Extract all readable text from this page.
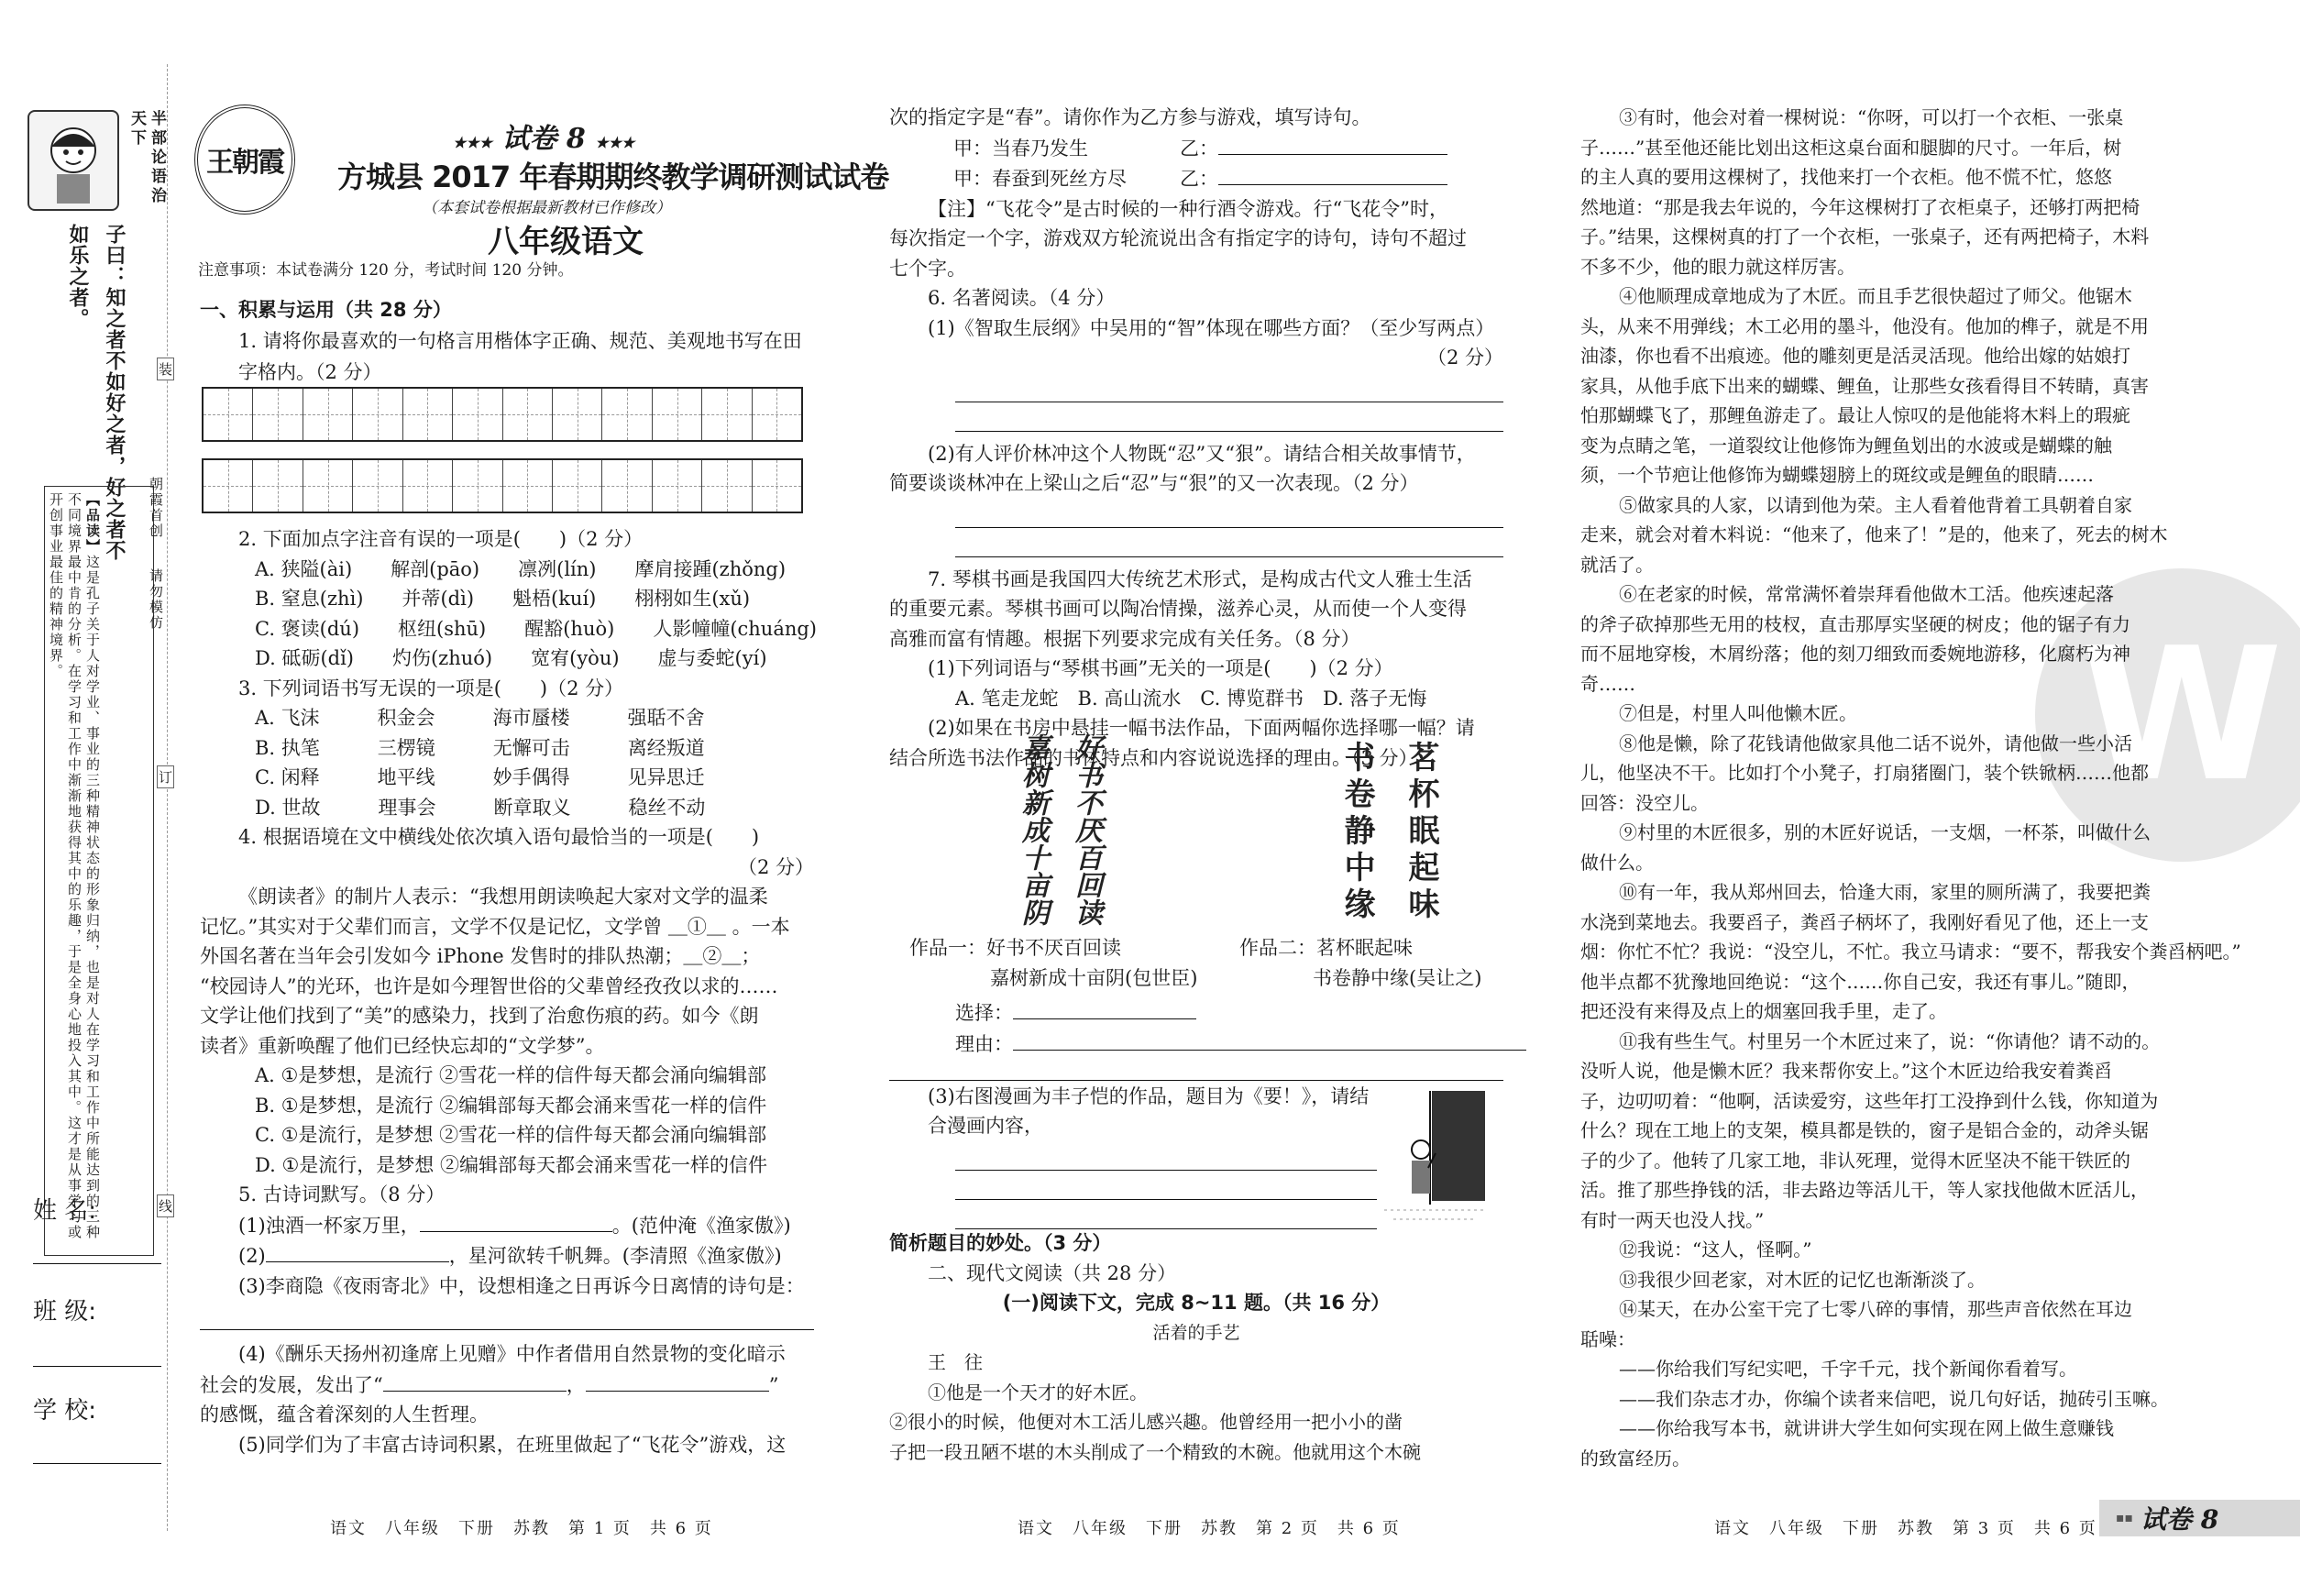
半部论语治天下
子曰：知之者不如好之者，好之者不如乐之者。
【品读】这是孔子关于人对学业、事业的三种精神状态的形象归纳，也是对人在学习和工作中所能达到的三种不同境界最中肯的分析。在学习和工作中渐渐地获得其中的乐趣，于是全身心地投入其中。这才是从事学习或开创事业最佳的精神境界。
姓 名:
班 级:
学 校:
朝霞首创
请勿模仿
装
订
线
王朝霞
★★★ 试卷 8 ★★★
方城县 2017 年春期期终教学调研测试试卷
（本套试卷根据最新教材已作修改）
八年级语文
注意事项：本试卷满分 120 分，考试时间 120 分钟。
一、积累与运用（共 28 分）
1. 请将你最喜欢的一句格言用楷体字正确、规范、美观地书写在田字格内。（2 分）
2. 下面加点字注音有误的一项是(　　)（2 分）
A. 狭隘(ài)　　解剖(pāo)　　凛冽(lín)　　摩肩接踵(zhǒng)
B. 窒息(zhì)　　并蒂(dì)　　魁梧(kuí)　　栩栩如生(xǔ)
C. 褒读(dú)　　枢纽(shū)　　醒豁(huò)　　人影幢幢(chuáng)
D. 砥砺(dǐ)　　灼伤(zhuó)　　宽宥(yòu)　　虚与委蛇(yí)
3. 下列词语书写无误的一项是(　　)（2 分）
A. 飞沫　　　积金会　　　海市蜃楼　　　强聒不舍
B. 执笔　　　三楞镜　　　无懈可击　　　离经叛道
C. 闲释　　　地平线　　　妙手偶得　　　见异思迁
D. 世故　　　理事会　　　断章取义　　　稳丝不动
4. 根据语境在文中横线处依次填入语句最恰当的一项是(　　)
（2 分）
《朗读者》的制片人表示：“我想用朗读唤起大家对文学的温柔
记忆。”其实对于父辈们而言，文学不仅是记忆，文学曾 ＿①＿ 。一本
外国名著在当年会引发如今 iPhone 发售时的排队热潮；＿②＿；
“校园诗人”的光环，也许是如今理智世俗的父辈曾经孜孜以求的……
文学让他们找到了“美”的感染力，找到了治愈伤痕的药。如今《朗
读者》重新唤醒了他们已经快忘却的“文学梦”。
A. ①是梦想，是流行 ②雪花一样的信件每天都会涌向编辑部
B. ①是梦想，是流行 ②编辑部每天都会涌来雪花一样的信件
C. ①是流行，是梦想 ②雪花一样的信件每天都会涌向编辑部
D. ①是流行，是梦想 ②编辑部每天都会涌来雪花一样的信件
5. 古诗词默写。（8 分）
(1)浊酒一杯家万里，	。(范仲淹《渔家傲》)
(2)	，星河欲转千帆舞。(李清照《渔家傲》)
(3)李商隐《夜雨寄北》中，设想相逢之日再诉今日离情的诗句是：
(4)《酬乐天扬州初逢席上见赠》中作者借用自然景物的变化暗示
社会的发展，发出了“	，	”
的感慨，蕴含着深刻的人生哲理。
(5)同学们为了丰富古诗词积累，在班里做起了“飞花令”游戏，这
次的指定字是“春”。请你作为乙方参与游戏，填写诗句。
甲：当春乃发生	乙：
甲：春蚕到死丝方尽	乙：
【注】“飞花令”是古时候的一种行酒令游戏。行“飞花令”时，
每次指定一个字，游戏双方轮流说出含有指定字的诗句，诗句不超过
七个字。
6. 名著阅读。（4 分）
(1)《智取生辰纲》中吴用的“智”体现在哪些方面？（至少写两点）
（2 分）
(2)有人评价林冲这个人物既“忍”又“狠”。请结合相关故事情节，
简要谈谈林冲在上梁山之后“忍”与“狠”的又一次表现。（2 分）
7. 琴棋书画是我国四大传统艺术形式，是构成古代文人雅士生活
的重要元素。琴棋书画可以陶冶情操，滋养心灵，从而使一个人变得
高雅而富有情趣。根据下列要求完成有关任务。（8 分）
(1)下列词语与“琴棋书画”无关的一项是(　　)（2 分）
A. 笔走龙蛇　B. 高山流水　C. 博览群书　D. 落子无悔
(2)如果在书房中悬挂一幅书法作品，下面两幅你选择哪一幅？请
结合所选书法作品的书体特点和内容说说选择的理由。（3 分）
嘉树新成十亩阴 好书不厌百回读	书卷静中缘 茗杯眠起味
作品一：好书不厌百回读
嘉树新成十亩阴(包世臣)
作品二：茗杯眠起味
书卷静中缘(吴让之)
选择：
理由：
(3)右图漫画为丰子恺的作品，题目为《要！》，请结合漫画内容，
简析题目的妙处。（3 分）
二、现代文阅读（共 28 分）
(一)阅读下文，完成 8~11 题。（共 16 分）
活着的手艺
王　往
①他是一个天才的好木匠。
②很小的时候，他便对木工活儿感兴趣。他曾经用一把小小的凿
子把一段丑陋不堪的木头削成了一个精致的木碗。他就用这个木碗
W
③有时，他会对着一棵树说：“你呀，可以打一个衣柜、一张桌
子……”甚至他还能比划出这柜这桌台面和腿脚的尺寸。一年后，树
的主人真的要用这棵树了，找他来打一个衣柜。他不慌不忙，悠悠
然地道：“那是我去年说的，今年这棵树打了衣柜桌子，还够打两把椅
子。”结果，这棵树真的打了一个衣柜，一张桌子，还有两把椅子，木料
不多不少，他的眼力就这样厉害。
④他顺理成章地成为了木匠。而且手艺很快超过了师父。他锯木
头，从来不用弹线；木工必用的墨斗，他没有。他加的榫子，就是不用
油漆，你也看不出痕迹。他的雕刻更是活灵活现。他给出嫁的姑娘打
家具，从他手底下出来的蝴蝶、鲤鱼，让那些女孩看得目不转睛，真害
怕那蝴蝶飞了，那鲤鱼游走了。最让人惊叹的是他能将木料上的瑕疵
变为点睛之笔，一道裂纹让他修饰为鲤鱼划出的水波或是蝴蝶的触
须，一个节疤让他修饰为蝴蝶翅膀上的斑纹或是鲤鱼的眼睛……
⑤做家具的人家，以请到他为荣。主人看着他背着工具朝着自家
走来，就会对着木料说：“他来了，他来了！”是的，他来了，死去的树木
就活了。
⑥在老家的时候，常常满怀着崇拜看他做木工活。他疾速起落
的斧子砍掉那些无用的枝杈，直击那厚实坚硬的树皮；他的锯子有力
而不屈地穿梭，木屑纷落；他的刻刀细致而委婉地游移，化腐朽为神
奇……
⑦但是，村里人叫他懒木匠。
⑧他是懒，除了花钱请他做家具他二话不说外，请他做一些小活
儿，他坚决不干。比如打个小凳子，打扇猪圈门，装个铁锨柄……他都
回答：没空儿。
⑨村里的木匠很多，别的木匠好说话，一支烟，一杯茶，叫做什么
做什么。
⑩有一年，我从郑州回去，恰逢大雨，家里的厕所满了，我要把粪
水浇到菜地去。我要舀子，粪舀子柄坏了，我刚好看见了他，还上一支
烟：你忙不忙？我说：“没空儿，不忙。我立马请求：“要不，帮我安个粪舀柄吧。”
他半点都不犹豫地回绝说：“这个……你自己安，我还有事儿。”随即，
把还没有来得及点上的烟塞回我手里，走了。
⑪我有些生气。村里另一个木匠过来了，说：“你请他？请不动的。
没听人说，他是懒木匠？我来帮你安上。”这个木匠边给我安着粪舀
子，边叨叨着：“他啊，活读爱穷，这些年打工没挣到什么钱，你知道为
什么？现在工地上的支架，模具都是铁的，窗子是铝合金的，动斧头锯
子的少了。他转了几家工地，非认死理，觉得木匠坚决不能干铁匠的
活。推了那些挣钱的活，非去路边等活儿干，等人家找他做木匠活儿，
有时一两天也没人找。”
⑫我说：“这人，怪啊。”
⑬我很少回老家，对木匠的记忆也渐渐淡了。
⑭某天，在办公室干完了七零八碎的事情，那些声音依然在耳边
聒噪：
——你给我们写纪实吧，千字千元，找个新闻你看着写。
——我们杂志才办，你编个读者来信吧，说几句好话，抛砖引玉嘛。
——你给我写本书，就讲讲大学生如何实现在网上做生意赚钱
的致富经历。
语文　八年级　下册　苏教　第 1 页　共 6 页	语文　八年级　下册　苏教　第 2 页　共 6 页	语文　八年级　下册　苏教　第 3 页　共 6 页
▪▪ 试卷 8
